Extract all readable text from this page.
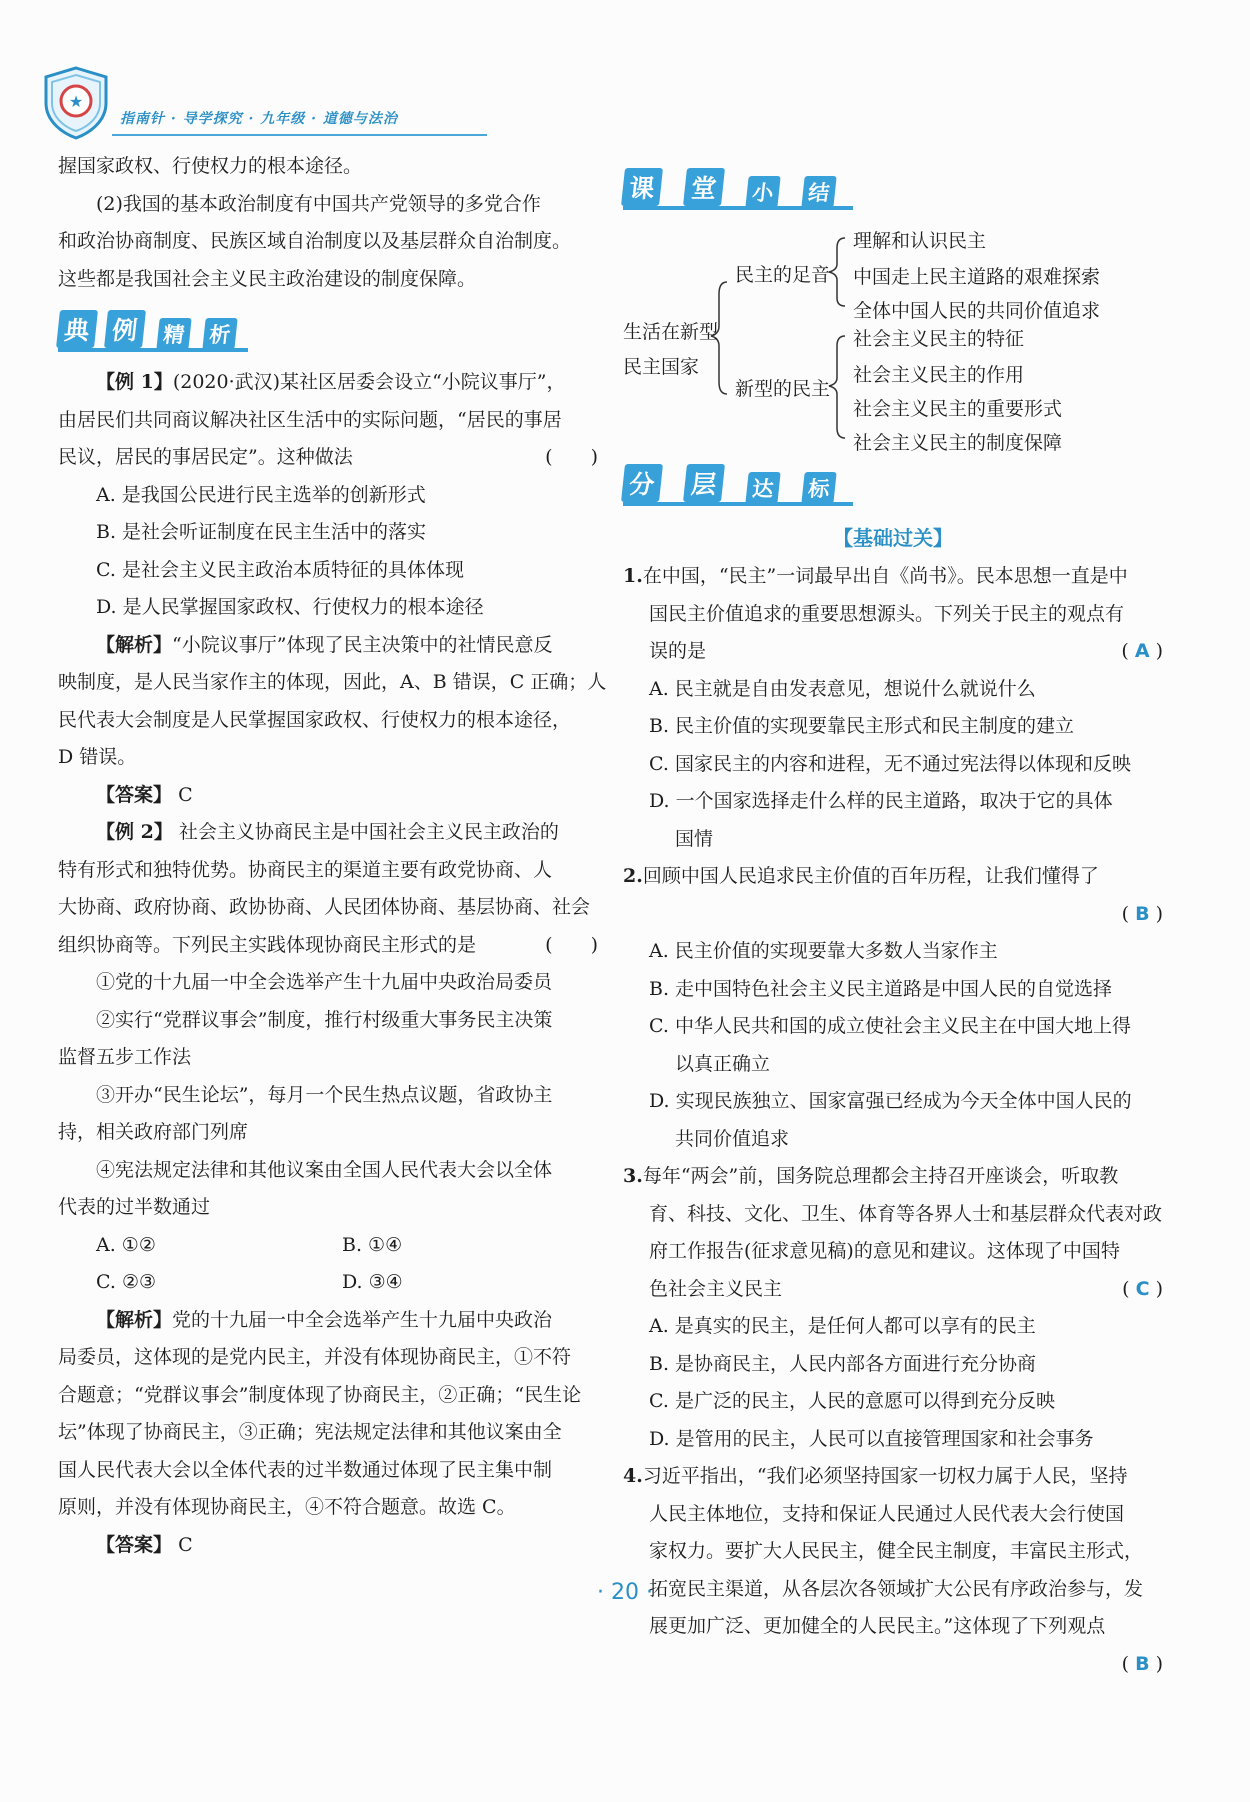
★
指南针 · 导学探究 · 九年级 · 道德与法治

握国家政权、行使权力的根本途径。

(2)我国的基本政治制度有中国共产党领导的多党合作

和政治协商制度、民族区域自治制度以及基层群众自治制度。

这些都是我国社会主义民主政治建设的制度保障。

典 例	精 析

【例 1】(2020·武汉)某社区居委会设立“小院议事厅”，

由居民们共同商议解决社区生活中的实际问题，“居民的事居

民议，居民的事居民定”。这种做法	(　　)

A. 是我国公民进行民主选举的创新形式

B. 是社会听证制度在民主生活中的落实

C. 是社会主义民主政治本质特征的具体体现

D. 是人民掌握国家政权、行使权力的根本途径

【解析】“小院议事厅”体现了民主决策中的社情民意反

映制度，是人民当家作主的体现，因此，A、B 错误，C 正确；人

民代表大会制度是人民掌握国家政权、行使权力的根本途径，

D 错误。

【答案】 C

【例 2】 社会主义协商民主是中国社会主义民主政治的

特有形式和独特优势。协商民主的渠道主要有政党协商、人

大协商、政府协商、政协协商、人民团体协商、基层协商、社会

组织协商等。下列民主实践体现协商民主形式的是	(　　)

①党的十九届一中全会选举产生十九届中央政治局委员

②实行“党群议事会”制度，推行村级重大事务民主决策

监督五步工作法

③开办“民生论坛”，每月一个民生热点议题，省政协主

持，相关政府部门列席

④宪法规定法律和其他议案由全国人民代表大会以全体

代表的过半数通过

A. ①②	B. ①④

C. ②③	D. ③④

【解析】党的十九届一中全会选举产生十九届中央政治

局委员，这体现的是党内民主，并没有体现协商民主，①不符

合题意；“党群议事会”制度体现了协商民主，②正确；“民生论

坛”体现了协商民主，③正确；宪法规定法律和其他议案由全

国人民代表大会以全体代表的过半数通过体现了民主集中制

原则，并没有体现协商民主，④不符合题意。故选 C。

【答案】 C

课 堂	小 结
生活在新型
民主国家
民主的足音
新型的民主
理解和认识民主
中国走上民主道路的艰难探索
全体中国人民的共同价值追求
社会主义民主的特征
社会主义民主的作用
社会主义民主的重要形式
社会主义民主的制度保障
分 层	达 标
【基础过关】

1.在中国，“民主”一词最早出自《尚书》。民本思想一直是中

国民主价值追求的重要思想源头。下列关于民主的观点有

误的是	( A )

A. 民主就是自由发表意见，想说什么就说什么

B. 民主价值的实现要靠民主形式和民主制度的建立

C. 国家民主的内容和进程，无不通过宪法得以体现和反映

D. 一个国家选择走什么样的民主道路，取决于它的具体

国情

2.回顾中国人民追求民主价值的百年历程，让我们懂得了

( B )

A. 民主价值的实现要靠大多数人当家作主

B. 走中国特色社会主义民主道路是中国人民的自觉选择

C. 中华人民共和国的成立使社会主义民主在中国大地上得

以真正确立

D. 实现民族独立、国家富强已经成为今天全体中国人民的

共同价值追求

3.每年“两会”前，国务院总理都会主持召开座谈会，听取教

育、科技、文化、卫生、体育等各界人士和基层群众代表对政

府工作报告(征求意见稿)的意见和建议。这体现了中国特

色社会主义民主	( C )

A. 是真实的民主，是任何人都可以享有的民主

B. 是协商民主，人民内部各方面进行充分协商

C. 是广泛的民主，人民的意愿可以得到充分反映

D. 是管用的民主，人民可以直接管理国家和社会事务

4.习近平指出，“我们必须坚持国家一切权力属于人民，坚持

人民主体地位，支持和保证人民通过人民代表大会行使国

家权力。要扩大人民民主，健全民主制度，丰富民主形式，

拓宽民主渠道，从各层次各领域扩大公民有序政治参与，发

展更加广泛、更加健全的人民民主。”这体现了下列观点

( B )

· 20 ·
